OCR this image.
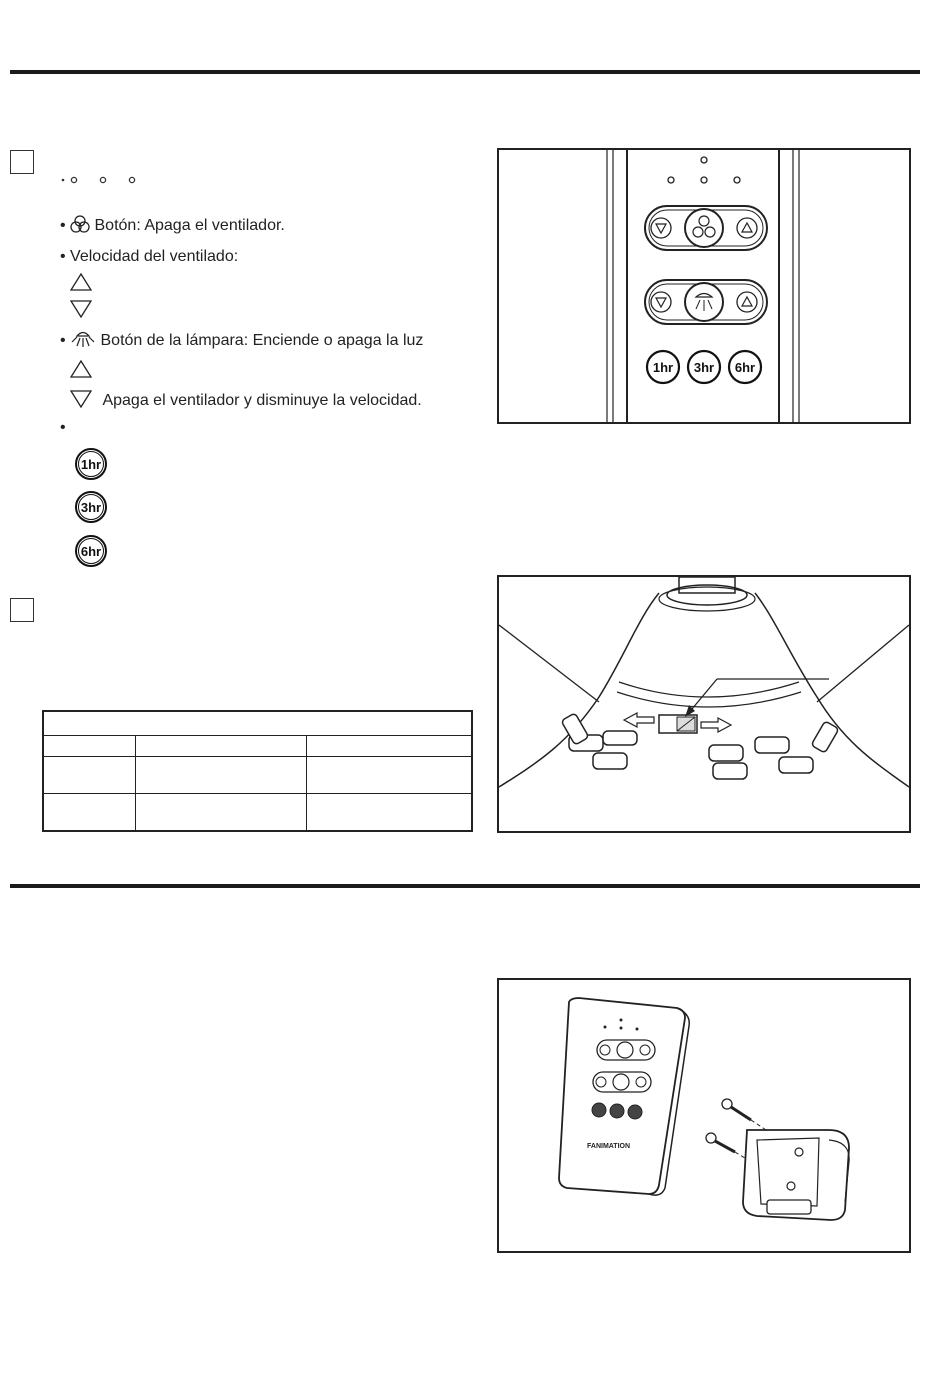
•  Botón: Apaga el ventilador.
• Velocidad del ventilado:
•  Botón de la lámpara: Enciende o apaga la luz
Apaga el ventilador y disminuye la velocidad.
•
1hr
3hr
6hr
1hr 3hr 6hr
FANIMATION
